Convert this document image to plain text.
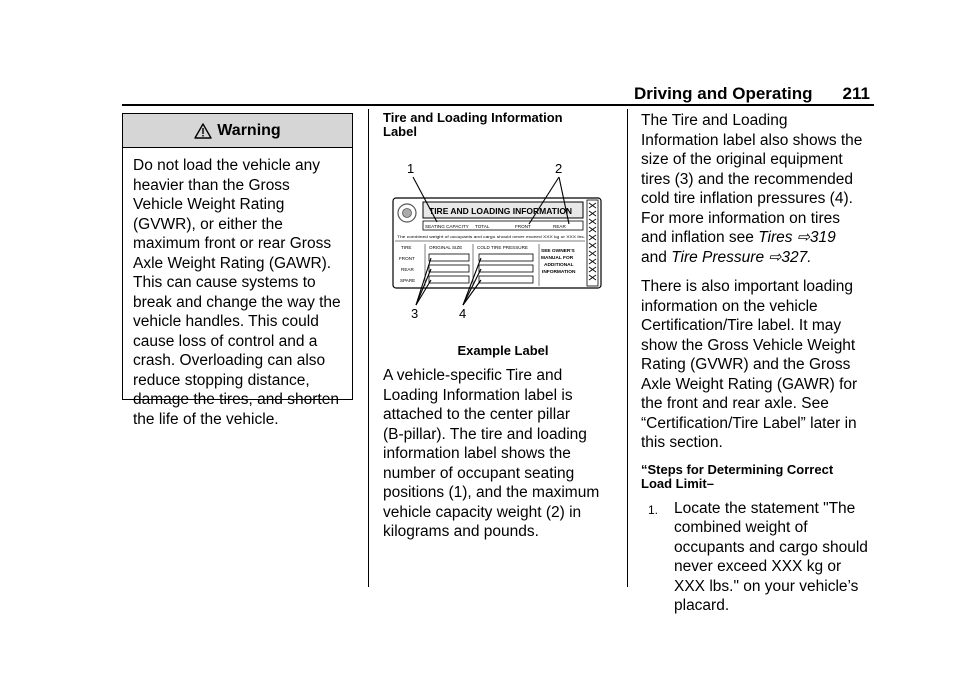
Driving and Operating 211
Warning
Do not load the vehicle any
heavier than the Gross
Vehicle Weight Rating
(GVWR), or either the
maximum front or rear Gross
Axle Weight Rating (GAWR).
This can cause systems to
break and change the way the
vehicle handles. This could
cause loss of control and a
crash. Overloading can also
reduce stopping distance,
damage the tires, and shorten
the life of the vehicle.
Tire and Loading Information
Label
1	2
3	4
TIRE AND LOADING INFORMATION
SEATING CAPACITY TOTAL	FRONT	REAR
The combined weight of occupants and cargo should never exceed XXX kg or XXX lbs.
TIRE	ORIGINAL SIZE	COLD TIRE PRESSURE
FRONT
REAR
SPARE
SEE OWNER'S
MANUAL FOR
ADDITIONAL
INFORMATION
Example Label
A vehicle-specific Tire and
Loading Information label is
attached to the center pillar
(B-pillar). The tire and loading
information label shows the
number of occupant seating
positions (1), and the maximum
vehicle capacity weight (2) in
kilograms and pounds.

The Tire and Loading
Information label also shows the
size of the original equipment
tires (3) and the recommended
cold tire inflation pressures (4).
For more information on tires
and inflation see Tires ⇨319
and Tire Pressure ⇨327.

There is also important loading
information on the vehicle
Certification/Tire label. It may
show the Gross Vehicle Weight
Rating (GVWR) and the Gross
Axle Weight Rating (GAWR) for
the front and rear axle. See
“Certification/Tire Label” later in
this section.

“Steps for Determining Correct
Load Limit–
1.	Locate the statement "The
combined weight of
occupants and cargo should
never exceed XXX kg or
XXX lbs." on your vehicle’s
placard.
